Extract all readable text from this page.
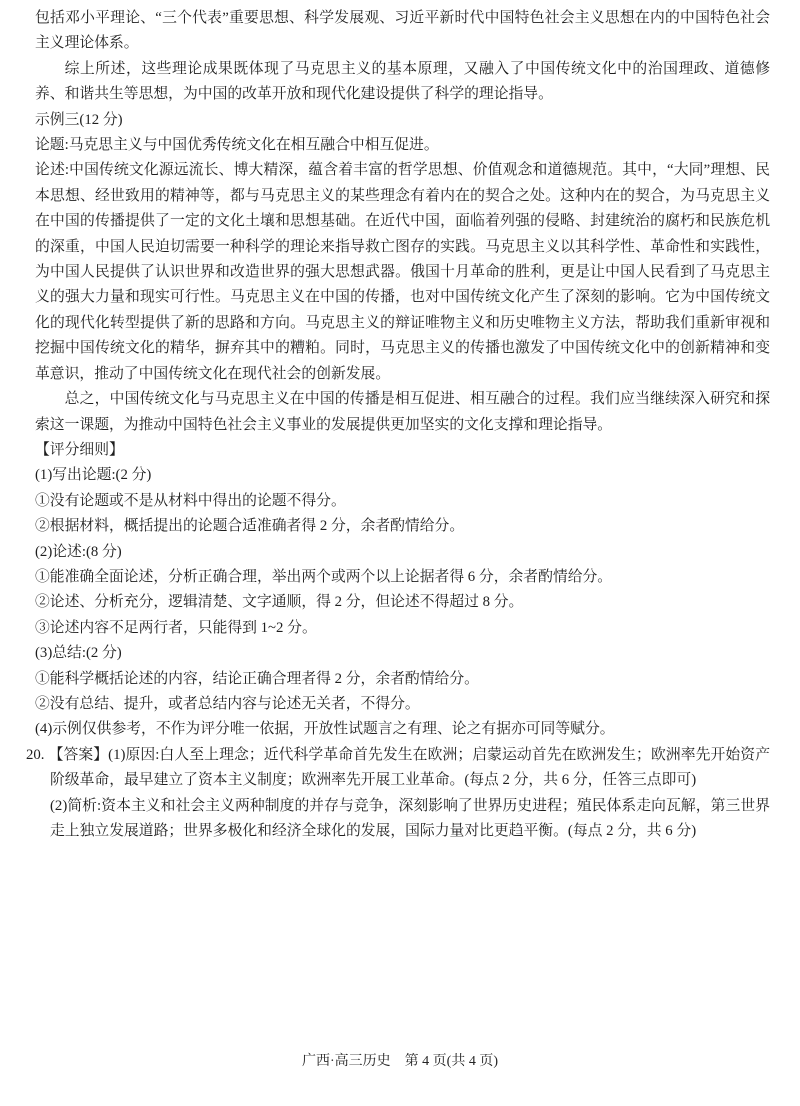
包括邓小平理论、“三个代表”重要思想、科学发展观、习近平新时代中国特色社会主义思想在内的中国特色社会主义理论体系。

综上所述，这些理论成果既体现了马克思主义的基本原理，又融入了中国传统文化中的治国理政、道德修养、和谐共生等思想，为中国的改革开放和现代化建设提供了科学的理论指导。

示例三(12 分)

论题:马克思主义与中国优秀传统文化在相互融合中相互促进。

论述:中国传统文化源远流长、博大精深，蕴含着丰富的哲学思想、价值观念和道德规范。其中，“大同”理想、民本思想、经世致用的精神等，都与马克思主义的某些理念有着内在的契合之处。这种内在的契合，为马克思主义在中国的传播提供了一定的文化土壤和思想基础。在近代中国，面临着列强的侵略、封建统治的腐朽和民族危机的深重，中国人民迫切需要一种科学的理论来指导救亡图存的实践。马克思主义以其科学性、革命性和实践性，为中国人民提供了认识世界和改造世界的强大思想武器。俄国十月革命的胜利，更是让中国人民看到了马克思主义的强大力量和现实可行性。马克思主义在中国的传播，也对中国传统文化产生了深刻的影响。它为中国传统文化的现代化转型提供了新的思路和方向。马克思主义的辩证唯物主义和历史唯物主义方法，帮助我们重新审视和挖掘中国传统文化的精华，摒弃其中的糟粕。同时，马克思主义的传播也激发了中国传统文化中的创新精神和变革意识，推动了中国传统文化在现代社会的创新发展。

总之，中国传统文化与马克思主义在中国的传播是相互促进、相互融合的过程。我们应当继续深入研究和探索这一课题，为推动中国特色社会主义事业的发展提供更加坚实的文化支撑和理论指导。

【评分细则】

(1)写出论题:(2 分)

①没有论题或不是从材料中得出的论题不得分。

②根据材料，概括提出的论题合适准确者得 2 分，余者酌情给分。

(2)论述:(8 分)

①能准确全面论述，分析正确合理，举出两个或两个以上论据者得 6 分，余者酌情给分。

②论述、分析充分，逻辑清楚、文字通顺，得 2 分，但论述不得超过 8 分。

③论述内容不足两行者，只能得到 1~2 分。

(3)总结:(2 分)

①能科学概括论述的内容，结论正确合理者得 2 分，余者酌情给分。

②没有总结、提升，或者总结内容与论述无关者，不得分。

(4)示例仅供参考，不作为评分唯一依据，开放性试题言之有理、论之有据亦可同等赋分。

20. 【答案】(1)原因:白人至上理念；近代科学革命首先发生在欧洲；启蒙运动首先在欧洲发生；欧洲率先开始资产阶级革命，最早建立了资本主义制度；欧洲率先开展工业革命。(每点 2 分，共 6 分，任答三点即可)

(2)简析:资本主义和社会主义两种制度的并存与竞争，深刻影响了世界历史进程；殖民体系走向瓦解，第三世界走上独立发展道路；世界多极化和经济全球化的发展，国际力量对比更趋平衡。(每点 2 分，共 6 分)

广西·高三历史　第 4 页(共 4 页)
